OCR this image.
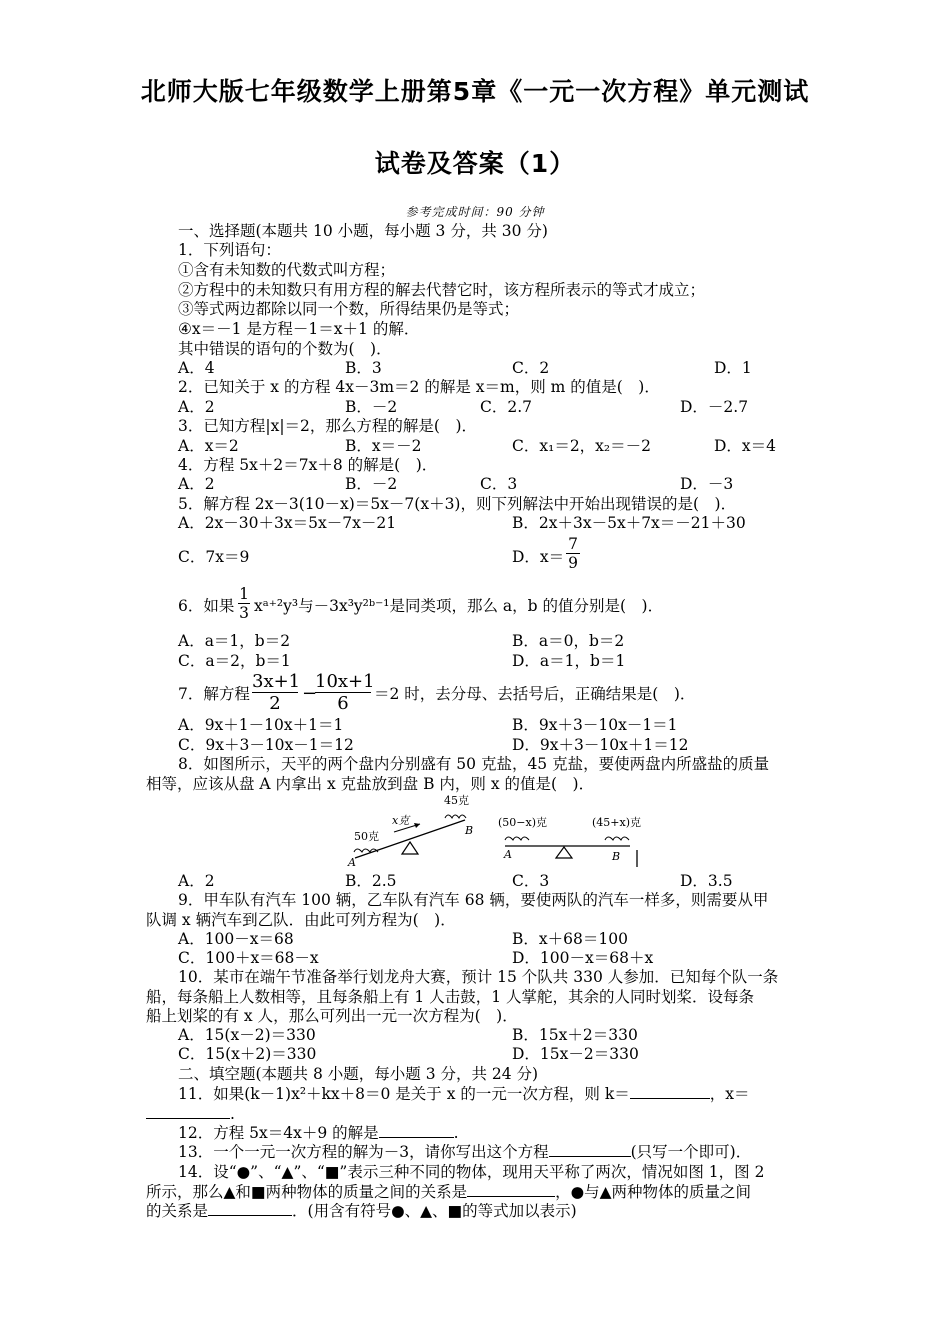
北师大版七年级数学上册第5章《一元一次方程》单元测试
试卷及答案（1）
参考完成时间：90 分钟
一、选择题(本题共 10 小题，每小题 3 分，共 30 分)
1．下列语句：
①含有未知数的代数式叫方程；
②方程中的未知数只有用方程的解去代替它时，该方程所表示的等式才成立；
③等式两边都除以同一个数，所得结果仍是等式；
④x＝－1 是方程－1＝x＋1 的解．
其中错误的语句的个数为(　)．
A．4	B．3	C．2	D．1
2．已知关于 x 的方程 4x－3m＝2 的解是 x＝m，则 m 的值是(　)．
A．2	B．－2	C．2.7	D．－2.7
3．已知方程|x|＝2，那么方程的解是(　)．
A．x＝2	B．x＝－2	C．x₁＝2，x₂＝－2	D．x＝4
4．方程 5x＋2＝7x＋8 的解是(　)．
A．2	B．－2	C．3	D．－3
5．解方程 2x－3(10－x)＝5x－7(x＋3)，则下列解法中开始出现错误的是(　)．
A．2x－30＋3x＝5x－7x－21	B．2x＋3x－5x＋7x＝－21＋30
C．7x＝9	D．$x= \frac{7}{9}$
6．如果 $\frac{1}{3}$ xᵃ⁺²y³与－3x³y²ᵇ⁻¹是同类项，那么 a，b 的值分别是(　)．
A．a＝1，b＝2	B．a＝0，b＝2
C．a＝2，b＝1	D．a＝1，b＝1
7．解方程 $\frac{3x+1}{2}$ −
$\frac{10x+1}{6} =2$ 时，去分母、去括号后，正确结果是(　)．
A．9x＋1－10x＋1＝1	B．9x＋3－10x－1＝1
C．9x＋3－10x－1＝12	D．9x＋3－10x＋1＝12
8．如图所示，天平的两个盘内分别盛有 50 克盐，45 克盐，要使两盘内所盛盐的质量
相等，应该从盘 A 内拿出 x 克盐放到盘 B 内，则 x 的值是(　)．
45克
50克
x克
A
B
(50−x)克	(45+x)克
A	B
A．2	B．2.5	C．3	D．3.5
9．甲车队有汽车 100 辆，乙车队有汽车 68 辆，要使两队的汽车一样多，则需要从甲
队调 x 辆汽车到乙队．由此可列方程为(　)．
A．100－x＝68	B．x＋68＝100
C．100＋x＝68－x	D．100－x＝68＋x
10．某市在端午节准备举行划龙舟大赛，预计 15 个队共 330 人参加．已知每个队一条
船，每条船上人数相等，且每条船上有 1 人击鼓，1 人掌舵，其余的人同时划桨．设每条
船上划桨的有 x 人，那么可列出一元一次方程为(　)．
A．15(x－2)＝330	B．15x＋2＝330
C．15(x＋2)＝330	D．15x－2＝330
二、填空题(本题共 8 小题，每小题 3 分，共 24 分)
11．如果(k－1)x²＋kx＋8＝0 是关于 x 的一元一次方程，则 k＝	，x＝
.
12．方程 5x＝4x＋9 的解是	.
13．一个一元一次方程的解为－3，请你写出这个方程	(只写一个即可)．
14．设“●”、“▲”、“■”表示三种不同的物体，现用天平称了两次，情况如图 1，图 2
所示，那么▲和■两种物体的质量之间的关系是	，●与▲两种物体的质量之间
的关系是	．(用含有符号●、▲、■的等式加以表示)
